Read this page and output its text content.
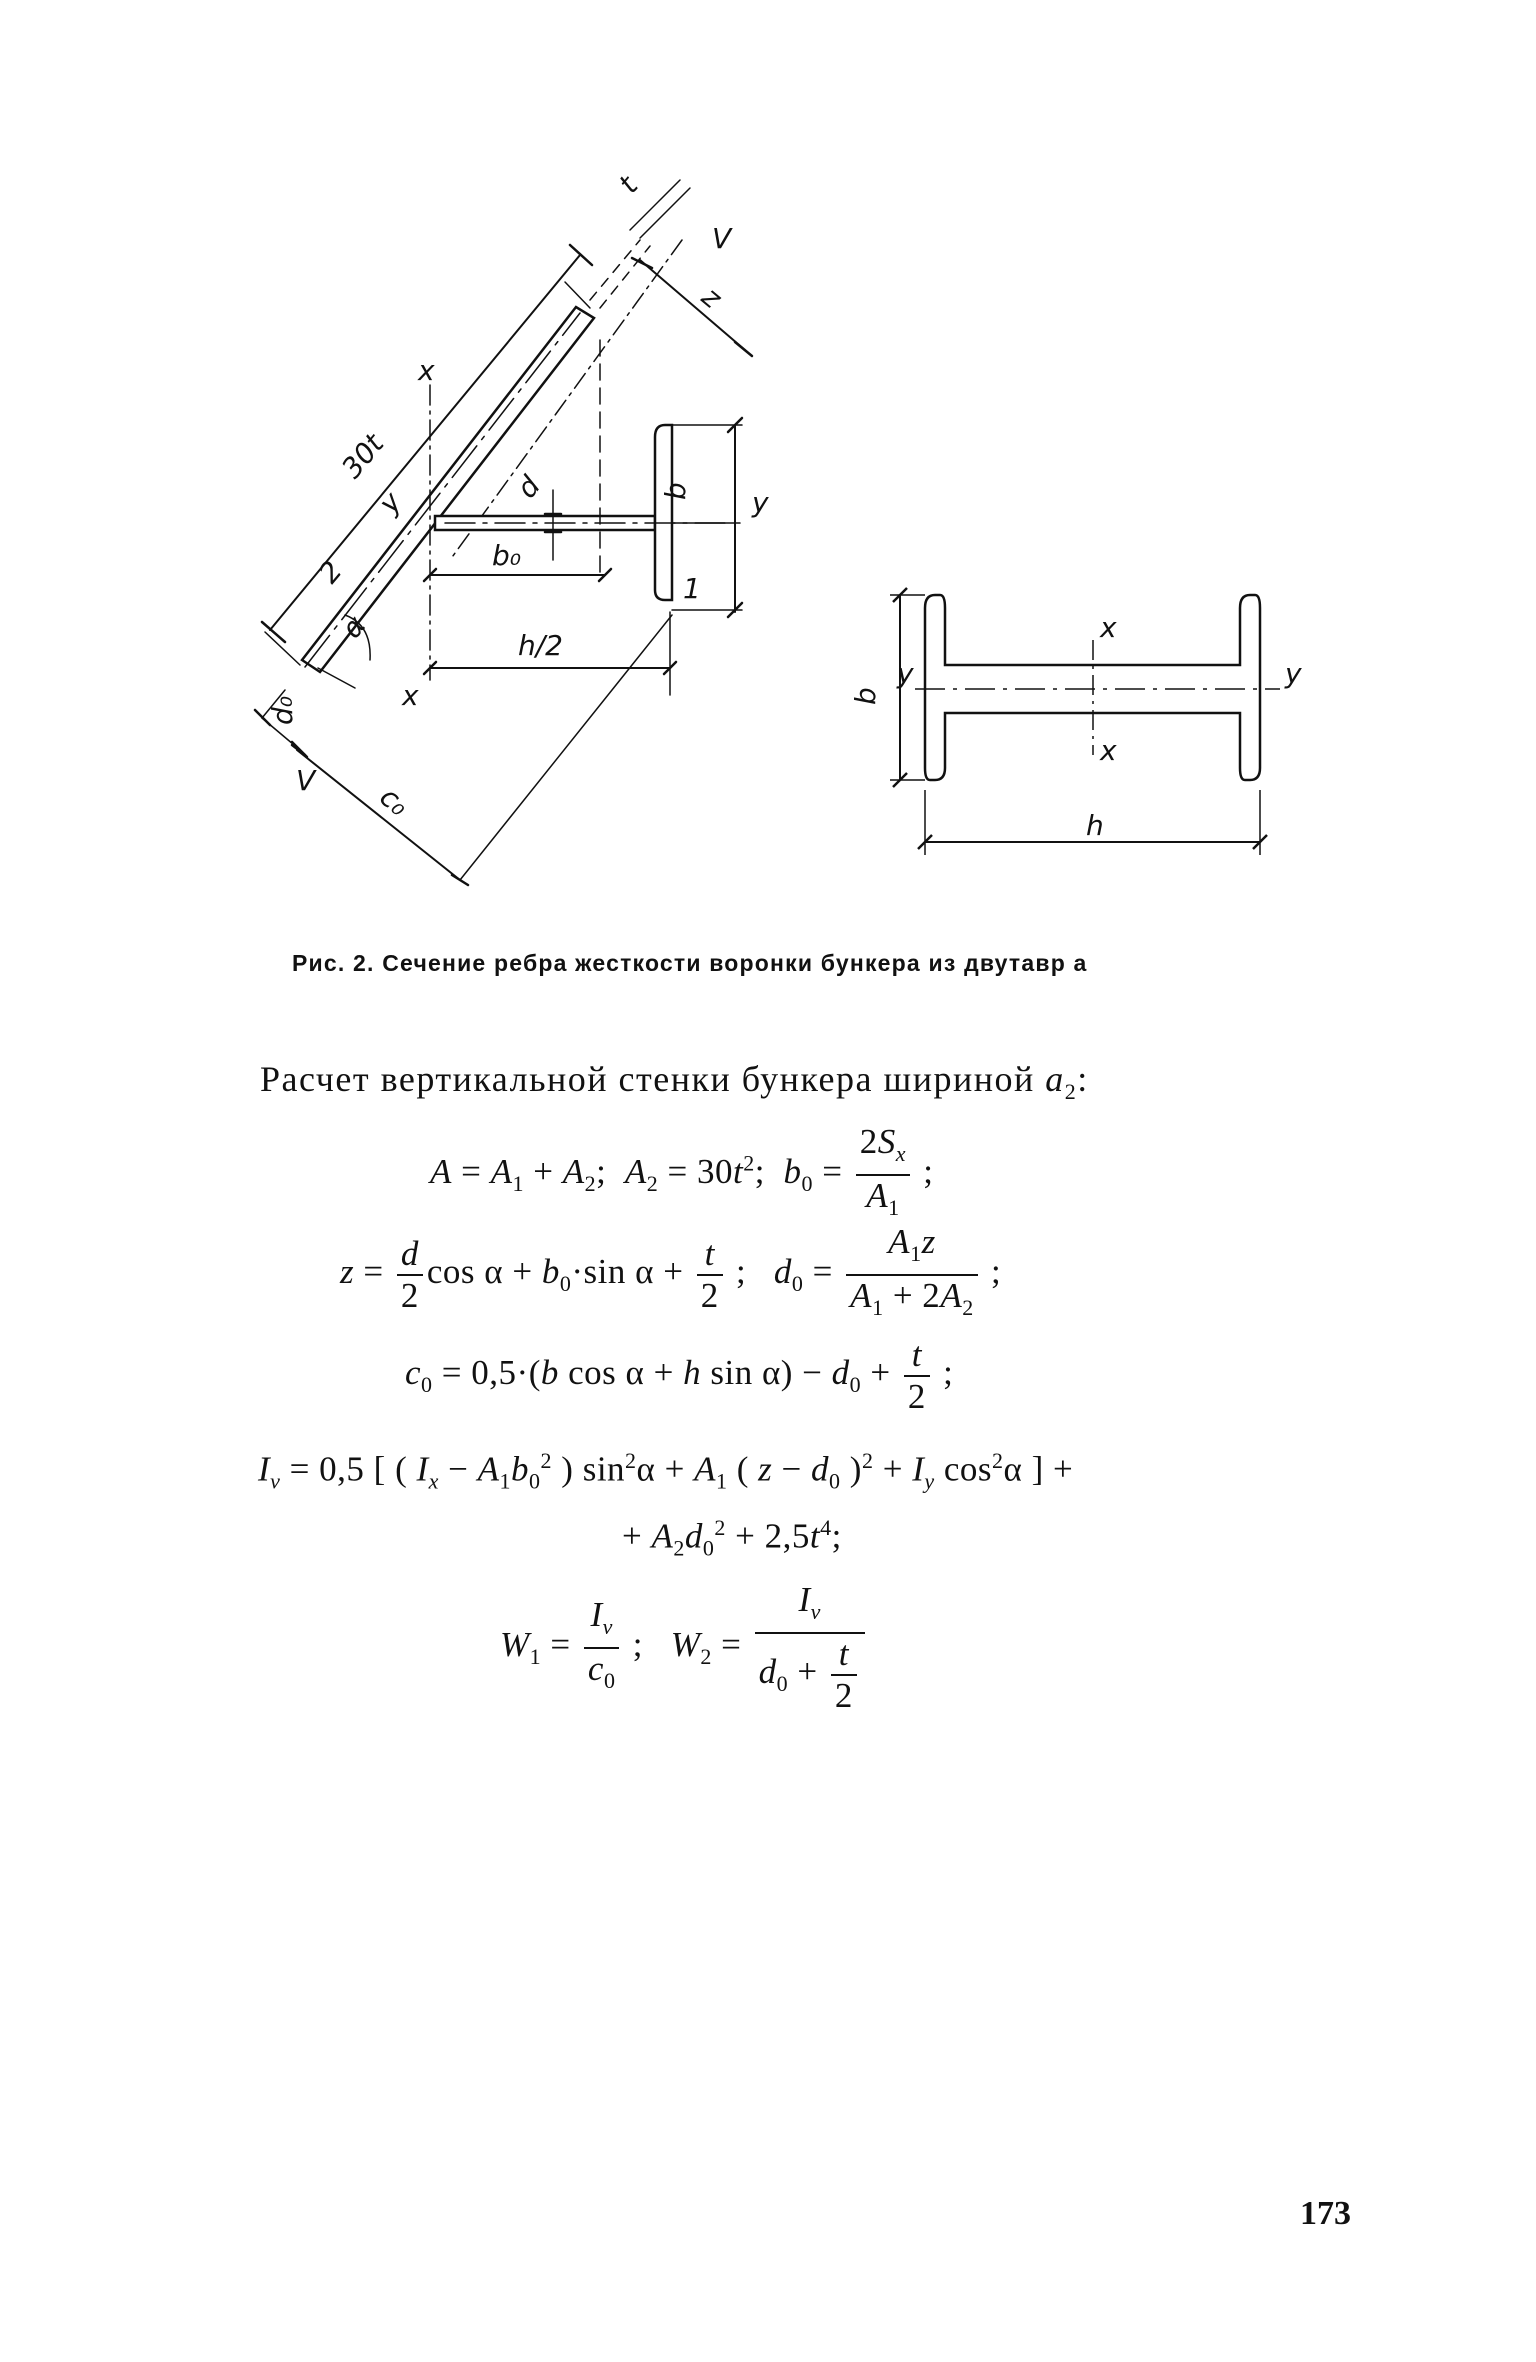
t
V
z
30t
x
y	d	b y
b₀
1
2
α
h/2
x
d₀
V c₀
x
y
b
y
x
h
Рис. 2. Сечение ребра жесткости воронки бункера из двутавр а
Расчет вертикальной стенки бункера шириной $a_2$:
$A = A_1 + A_2$;  $A_2 = 30t^2$;  $b_0 = \frac{2S_x}{A_1}$ ;
$z = \frac{d}{2}$ $\cos \alpha + b_0\cdot\sin$ $\alpha + \frac{t}{2}$ ;   $d_0 = \frac{A_1z}{A_1 + 2A_2}$ ;
$c_0 = 0,5\cdot(b$ cos α + h $\sin \alpha) - d_0 + \frac{t}{2}$ ;
$I_v = 0,5$ [ ( $I_x - A_1b_0^2$ ) $\sin^2\alpha + A_1$ ( $z - d_0$ )$^2 + I_y$ $\cos^2\alpha$ ] +
+ $A_2d_0^2 + 2,5t^4$;
$W_1 = \frac{I_v}{c_0}$ ;   $W_2 = \frac{I_v}{d_0 + \frac{t}{2}}$
173
